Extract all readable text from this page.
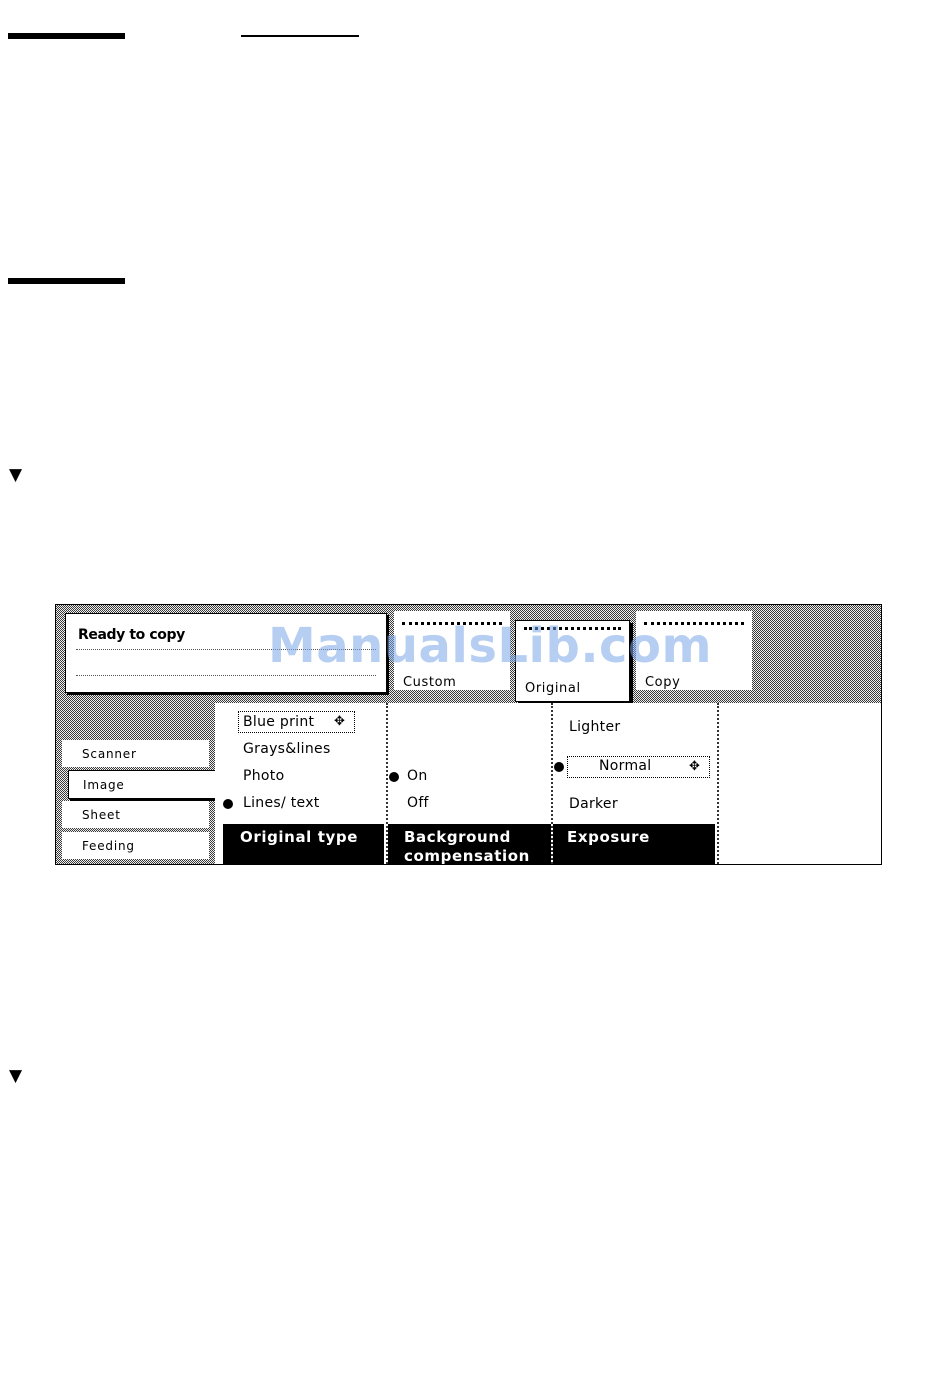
▼
▼
Ready to copy
Custom	Original	Copy
Scanner
Image
Sheet
Feeding
Blue print ✥
Grays&lines
Photo
Lines/ text
Original type
On
Off
Background
compensation
Lighter
Normal	✥
Darker
Exposure
ManualsLib.com
